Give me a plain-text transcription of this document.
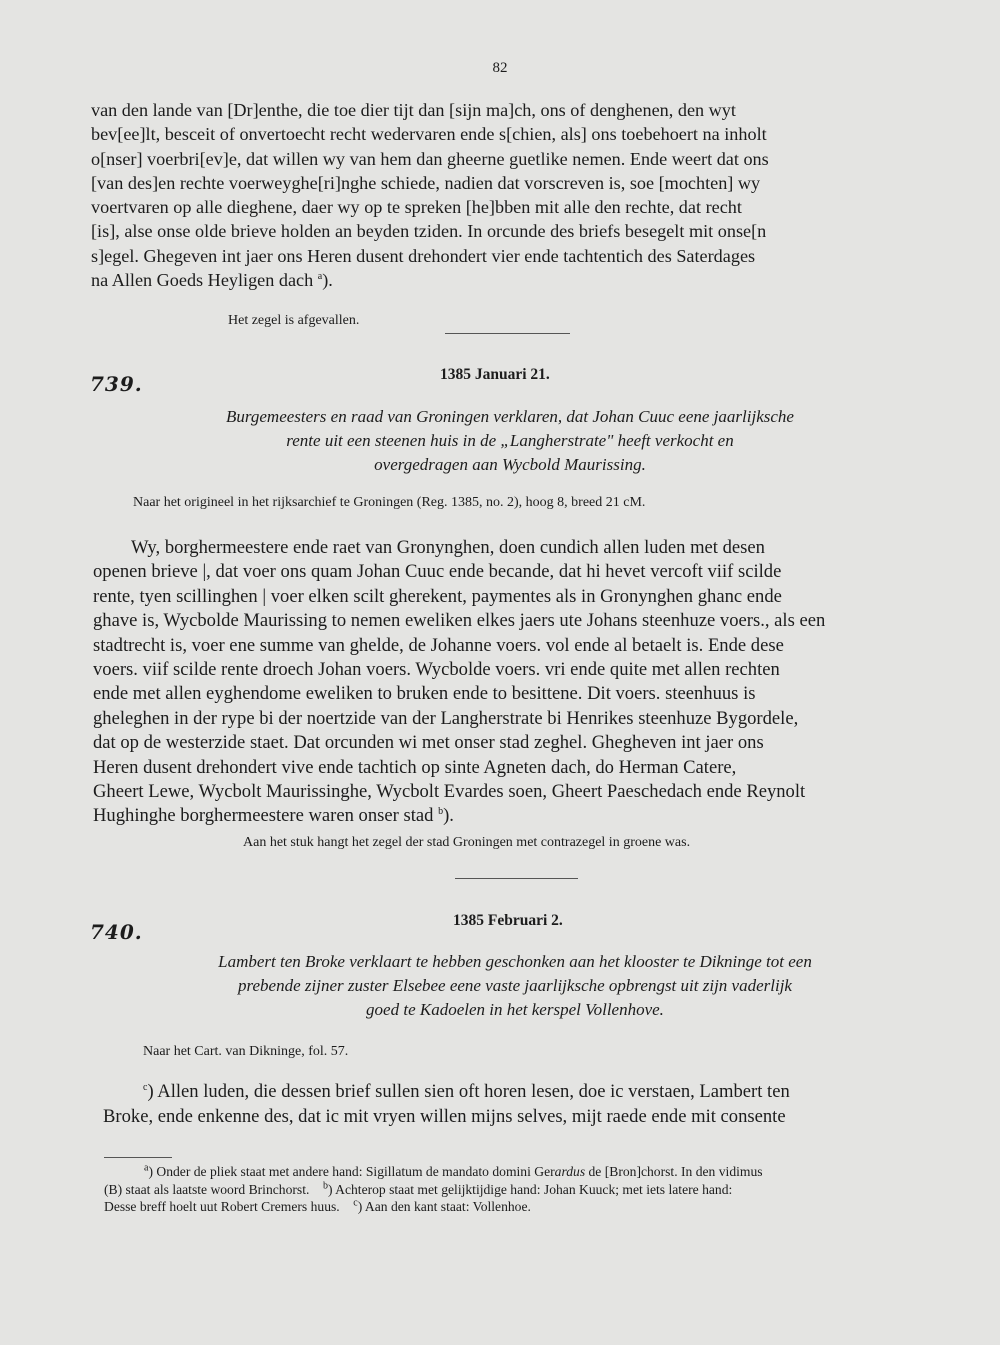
82
van den lande van [Dr]enthe, die toe dier tijt dan [sijn ma]ch, ons of denghenen, den wyt
bev[ee]lt, besceit of onvertoecht recht wedervaren ende s[chien, als] ons toebehoert na inholt
o[nser] voerbri[ev]e, dat willen wy van hem dan gheerne guetlike nemen. Ende weert dat ons
[van des]en rechte voerweyghe[ri]nghe schiede, nadien dat vorscreven is, soe [mochten] wy
voertvaren op alle dieghene, daer wy op te spreken [he]bben mit alle den rechte, dat recht
[is], alse onse olde brieve holden an beyden tziden. In orcunde des briefs besegelt mit onse[n
s]egel. Ghegeven int jaer ons Heren dusent drehondert vier ende tachtentich des Saterdages
na Allen Goeds Heyligen dach $^a$).
Het zegel is afgevallen.
739.	1385 Januari 21.
Burgemeesters en raad van Groningen verklaren, dat Johan Cuuc eene jaarlijksche
rente uit een steenen huis in de „Langherstrate" heeft verkocht en
overgedragen aan Wycbold Maurissing.
Naar het origineel in het rijksarchief te Groningen (Reg. 1385, no. 2), hoog 8, breed 21 cM.
Wy, borghermeestere ende raet van Gronynghen, doen cundich allen luden met desen
openen brieve |, dat voer ons quam Johan Cuuc ende becande, dat hi hevet vercoft viif scilde
rente, tyen scillinghen | voer elken scilt gherekent, paymentes als in Gronynghen ghanc ende
ghave is, Wycbolde Maurissing to nemen eweliken elkes jaers ute Johans steenhuze voers., als een
stadtrecht is, voer ene summe van ghelde, de Johanne voers. vol ende al betaelt is. Ende dese
voers. viif scilde rente droech Johan voers. Wycbolde voers. vri ende quite met allen rechten
ende met allen eyghendome eweliken to bruken ende to besittene. Dit voers. steenhuus is
gheleghen in der rype bi der noertzide van der Langherstrate bi Henrikes steenhuze Bygordele,
dat op de westerzide staet. Dat orcunden wi met onser stad zeghel. Ghegheven int jaer ons
Heren dusent drehondert vive ende tachtich op sinte Agneten dach, do Herman Catere,
Gheert Lewe, Wycbolt Maurissinghe, Wycbolt Evardes soen, Gheert Paeschedach ende Reynolt
Hughinghe borghermeestere waren onser stad $^b$).
Aan het stuk hangt het zegel der stad Groningen met contrazegel in groene was.
740.	1385 Februari 2.
Lambert ten Broke verklaart te hebben geschonken aan het klooster te Dikninge tot een
prebende zijner zuster Elsebee eene vaste jaarlijksche opbrengst uit zijn vaderlijk
goed te Kadoelen in het kerspel Vollenhove.
Naar het Cart. van Dikninge, fol. 57.
$^c$) Allen luden, die dessen brief sullen sien oft horen lesen, doe ic verstaen, Lambert ten
Broke, ende enkenne des, dat ic mit vryen willen mijns selves, mijt raede ende mit consente
$^a$) Onder de pliek staat met andere hand: Sigillatum de mandato domini Gerardus de [Bron]chorst. In den vidimus
(B) staat als laatste woord Brinchorst. $^b$) Achterop staat met gelijktijdige hand: Johan Kuuck; met iets latere hand:
Desse breff hoelt uut Robert Cremers huus. $^c$) Aan den kant staat: Vollenhoe.
